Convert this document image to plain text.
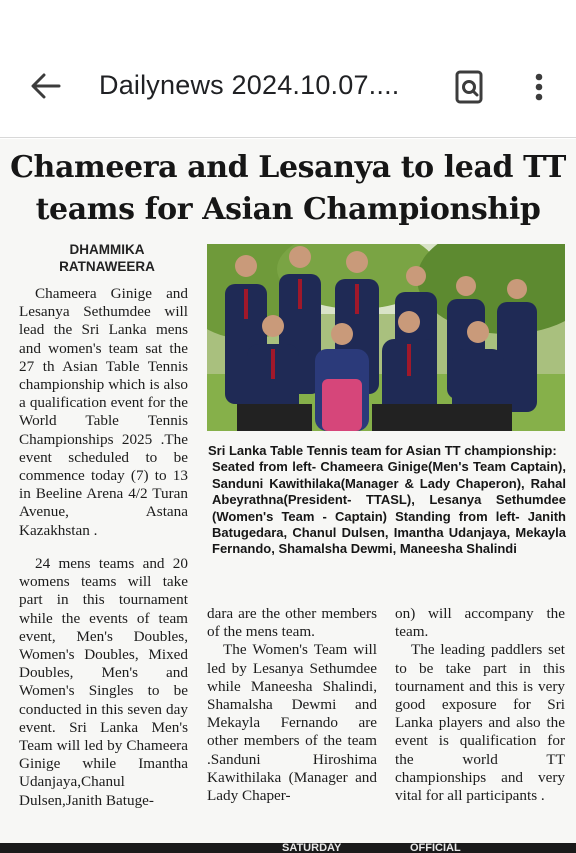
Dailynews 2024.10.07....
Chameera and Lesanya to lead TT teams for Asian Championship
DHAMMIKA RATNAWEERA

Chameera Ginige and Lesanya Sethumdee will lead the Sri Lanka mens and women's team sat the 27 th Asian Table Tennis championship which is also a qualification event for the World Table Tennis Championships 2025 .The event scheduled to be commence today (7) to 13 in Beeline Arena 4/2 Turan Avenue, Astana Kazakhstan .

24 mens teams and 20 womens teams will take part in this tournament while the events of team event, Men's Doubles, Women's Doubles, Mixed Doubles, Men's and Women's Singles to be conducted in this seven day event. Sri Lanka Men's Team will led by Chameera Ginige while Imantha Udanjaya,Chanul Dulsen,Janith Batuge-

Sri Lanka Table Tennis team for Asian TT championship:
Seated from left- Chameera Ginige(Men's Team Captain), Sanduni Kawithilaka(Manager & Lady Chaperon), Rahal Abeyrathna(President- TTASL), Lesanya Sethumdee (Women's Team - Captain) Standing from left- Janith Batugedara, Chanul Dulsen, Imantha Udanjaya, Mekayla Fernando, Shamalsha Dewmi, Maneesha Shalindi

dara are the other members of the mens team.

The Women's Team will led by Lesanya Sethumdee while Maneesha Shalindi, Shamalsha Dewmi and Mekayla Fernando are other members of the team .Sanduni Hiroshima Kawithilaka (Manager and Lady Chaper-

on) will accompany the team.

The leading paddlers set to be take part in this tournament and this is very good exposure for Sri Lanka players and also the event is qualification for the world TT championships and very vital for all participants .

SATURDAY	OFFICIAL
